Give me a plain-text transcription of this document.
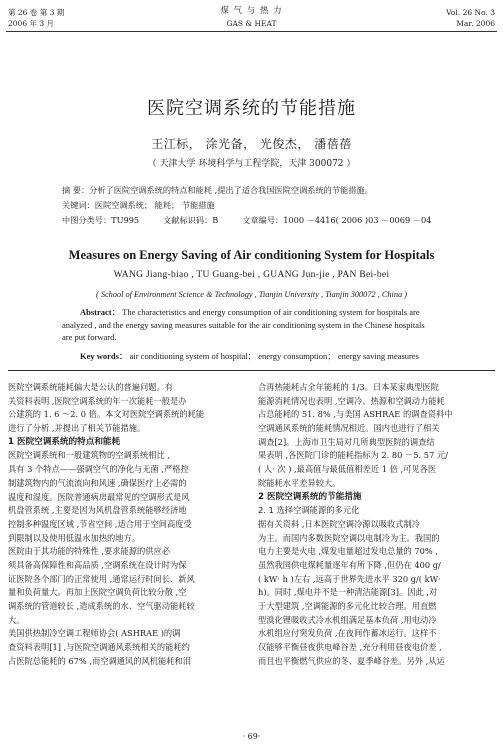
第 26 卷 第 3 期
2006 年 3 月
煤 气 与 热 力
GAS & HEAT
Vol. 26 No. 3
Mar. 2006
医院空调系统的节能措施
王江标， 涂光备， 光俊杰， 潘蓓蓓
（ 天津大学 环境科学与工程学院，天津 300072 ）
摘 要：分析了医院空调系统的特点和能耗 ,提出了适合我国医院空调系统的节能措施。
关键词：医院空调系统； 能耗； 节能措施
中图分类号：TU995	文献标识码：B	文章编号：1000 －4416( 2006 )03 －0069 －04
Measures on Energy Saving of Air conditioning System for Hospitals
WANG Jiang-biao , TU Guang-bei , GUANG Jun-jie , PAN Bei-bei
( School of Environment Science & Technology , Tianjin University , Tianjin 300072 , China )
Abstract： The characteristics and energy consumption of air conditioning system for hospitals are
analyzed , and the energy saving measures suitable for the air conditioning system in the Chinese hospitals
are put forward.
Key words： air conditioning system of hospital； energy consumption； energy saving measures
医院空调系统能耗偏大是公认的普遍问题。有
关资料表明 ,医院空调系统的年一次能耗一般是办
公建筑的 1. 6 ～2. 0 倍。本文对医院空调系统的耗能
进行了分析 ,并提出了相关节能措施。
1 医院空调系统的特点和能耗
医院空调系统和一般建筑物的空调系统相比 ,
具有 3 个特点——强调空气的净化与无菌 ,严格控
制建筑物内的气流流向和风速 ,确保医疗上必需的
温度和湿度。医院普通病房最常见的空调形式是风
机盘管系统 ,主要是因为风机盘管系统能够经济地
控制多种温度区域 ,节省空间 ,适合用于空间高度受
到限制以及使用低温水加热的地方。
医院由于其功能的特殊性 ,要求能源的供应必
须具备高保障性和高品质 ,空调系统在设计时为保
证医院各个部门的正常使用 ,通常运行时间长、新风
量和负荷量大。再加上医院空调负荷比较分散 ,空
调系统的管道较长 ,造成系统的水、空气驱动能耗较
大。
美国供热制冷空调工程师协会( ASHRAE )的调
查资料表明[1] ,与医院空调通风系统相关的能耗约
占医院总能耗的 67% ,而空调通风的风机能耗和泪
合再热能耗占全年能耗的 1/3。日本某家典型医院
能源消耗情况也表明 ,空调冷、热源和空调动力能耗
占总能耗的 51. 8% ,与美国 ASHRAE 的调查资料中
空调通风系统的能耗情况相近。国内也进行了相关
调查[2]。上海市卫生局对几所典型医院的调查结
果表明 ,各医院门诊的能耗指标为 2. 80 －5. 57 元/
( 人· 次 ) ,最高值与最低值相差近 1 倍 ,可见各医
院能耗水平差异较大。
2 医院空调系统的节能措施
2. 1 选择空调能源的多元化
据有关资料 ,日本医院空调冷源以吸收式制冷
为主。而国内多数医院空调以电制冷为主。我国的
电力主要是火电 ,煤发电量超过发电总量的 70% ,
虽然我国供电煤耗量逐年有所下降 ,但仍在 400 g/
( kW· h )左右 ,远高于世界先进水平 320 g/( kW·
h)。同时 ,煤电并不是一种清洁能源[3]。因此 ,对
于大型建筑 ,空调能源的多元化比较合理。用直燃
型溴化锂吸收式冷水机组满足基本负荷 ,用电动冷
水机组应付突发负荷 ,在夜间作蓄冰运行。这样不
仅能够平衡昼夜供电峰谷差 ,充分利用昼夜电价差 ,
而且也平衡燃气供应的冬、夏季峰谷差。另外 ,从运
· 69·
